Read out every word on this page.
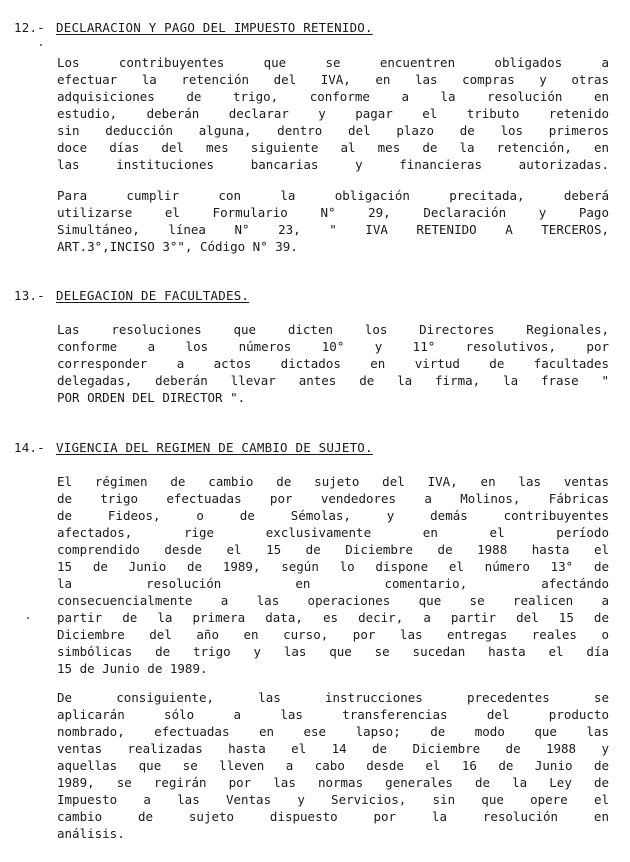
12.- DECLARACION Y PAGO DEL IMPUESTO RETENIDO.
Los contribuyentes que se encuentren obligados a
efectuar la retención del IVA, en las compras y otras
adquisiciones de trigo, conforme a la resolución en
estudio, deberán declarar y pagar el tributo retenido
sin deducción alguna, dentro del plazo de los primeros
doce días del mes siguiente al mes de la retención, en
las instituciones bancarias y financieras autorizadas.
Para cumplir con la obligación precitada, deberá
utilizarse el Formulario N° 29, Declaración y Pago
Simultáneo, línea N° 23, " IVA RETENIDO A TERCEROS,
ART.3°,INCISO 3°", Código N° 39.
13.- DELEGACION DE FACULTADES.
Las resoluciones que dicten los Directores Regionales,
conforme a los números 10° y 11° resolutivos, por
corresponder a actos dictados en virtud de facultades
delegadas, deberán llevar antes de la firma, la frase "
POR ORDEN DEL DIRECTOR ".
14.- VIGENCIA DEL REGIMEN DE CAMBIO DE SUJETO.
El régimen de cambio de sujeto del IVA, en las ventas
de trigo efectuadas por vendedores a Molinos, Fábricas
de Fideos, o de Sémolas, y demás contribuyentes
afectados, rige exclusivamente en el período
comprendido desde el 15 de Diciembre de 1988 hasta el
15 de Junio de 1989, según lo dispone el número 13° de
la resolución en comentario, afectándo
consecuencialmente a las operaciones que se realicen a
partir de la primera data, es decir, a partir del 15 de
Diciembre del año en curso, por las entregas reales o
simbólicas de trigo y las que se sucedan hasta el día
15 de Junio de 1989.
De consiguiente, las instrucciones precedentes se
aplicarán sólo a las transferencias del producto
nombrado, efectuadas en ese lapso; de modo que las
ventas realizadas hasta el 14 de Diciembre de 1988 y
aquellas que se lleven a cabo desde el 16 de Junio de
1989, se regirán por las normas generales de la Ley de
Impuesto a las Ventas y Servicios, sin que opere el
cambio de sujeto dispuesto por la resolución en
análisis.
